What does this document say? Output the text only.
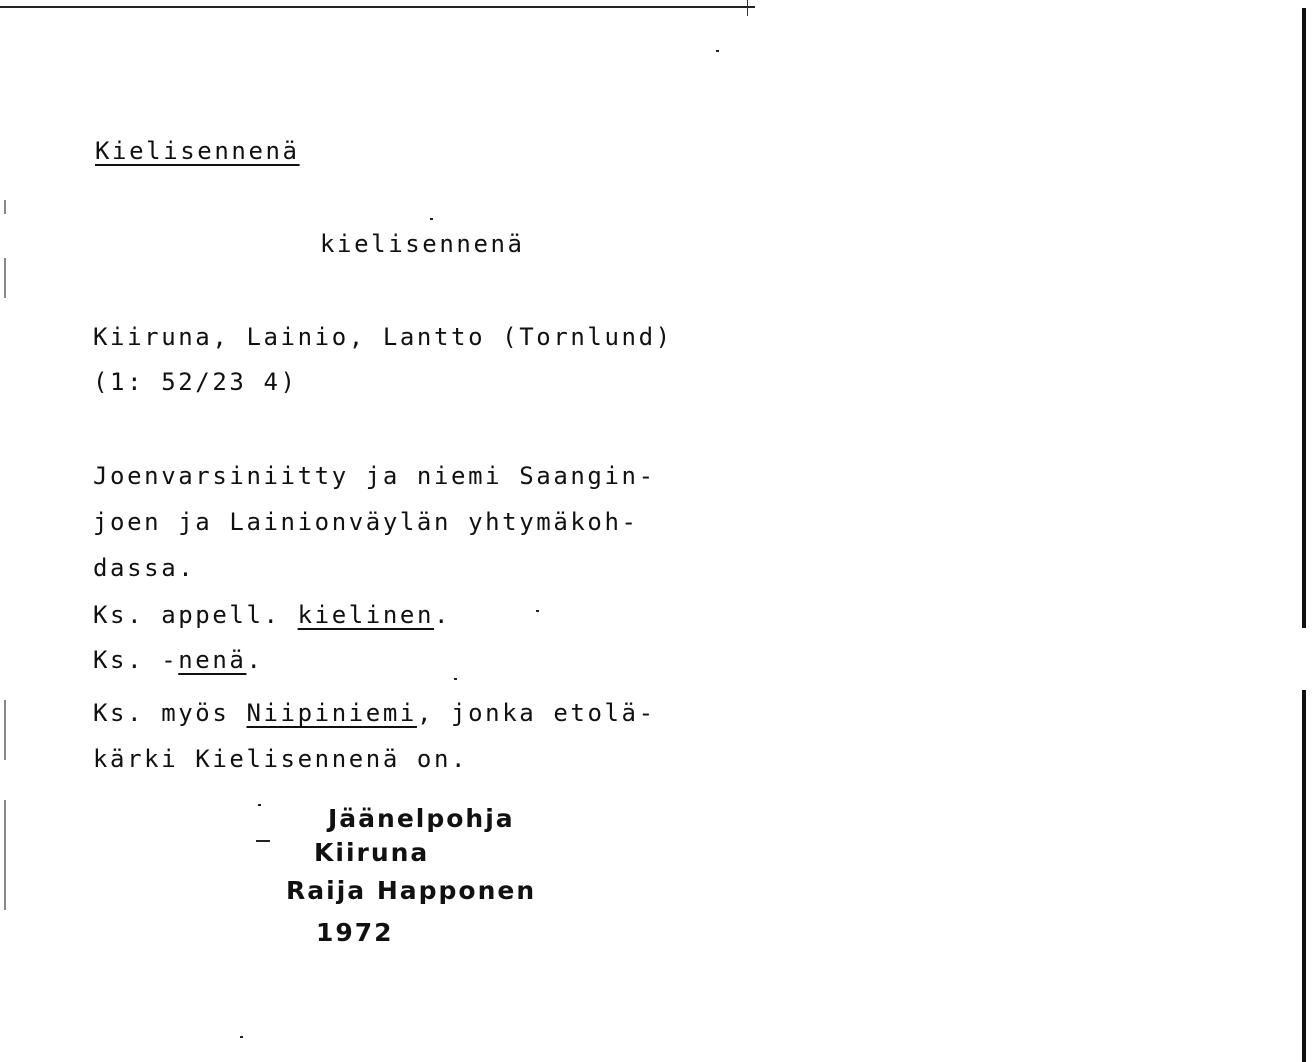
Kielisennenä
kielisennenä
Kiiruna, Lainio, Lantto (Tornlund)
(1: 52/23 4)
Joenvarsiniitty ja niemi Saangin-
joen ja Lainionväylän yhtymäkoh-
dassa.
Ks. appell. kielinen.
Ks. -nenä.
Ks. myös Niipiniemi, jonka etolä-
kärki Kielisennenä on.
Jäänelpohja
Kiiruna
Raija Happonen
1972
